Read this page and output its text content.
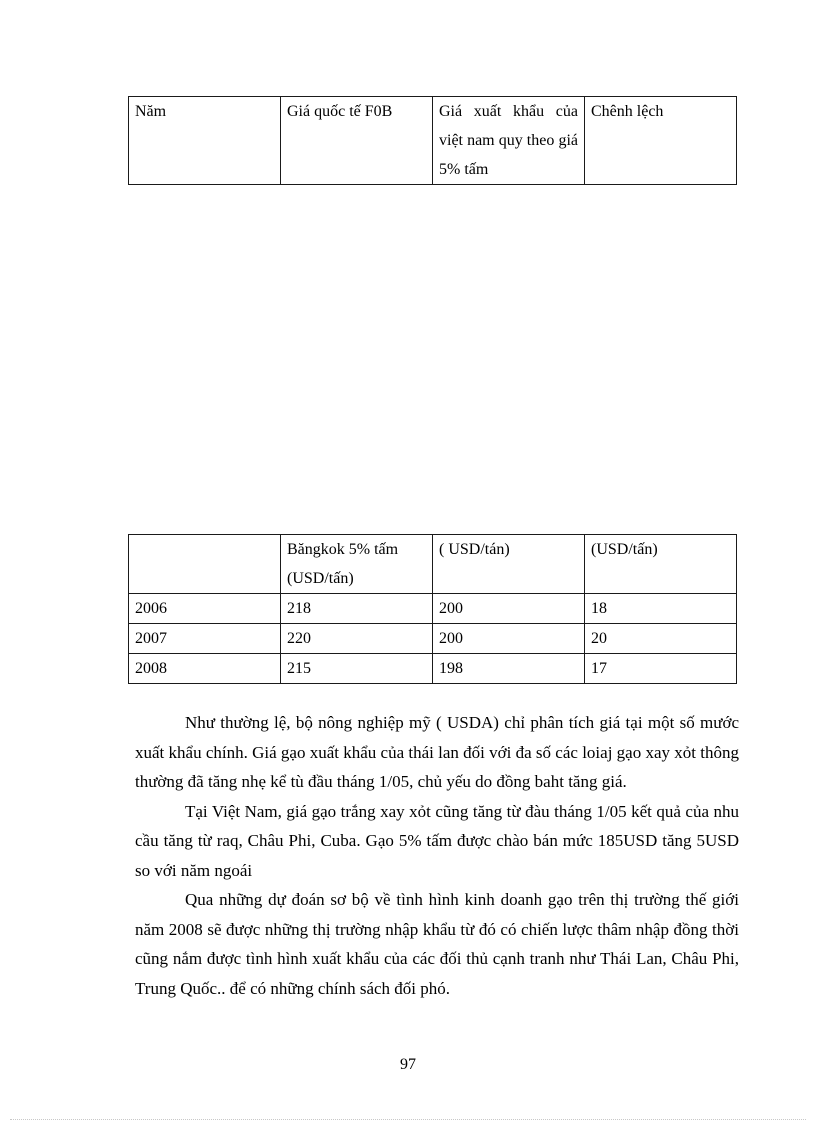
Năm	Giá quốc tế F0B	Giá xuất khẩu của việt nam quy theo giá 5% tấm	Chênh lệch
	Băngkok 5% tấm (USD/tấn)	( USD/tán)	(USD/tấn)
2006	218	200	18
2007	220	200	20
2008	215	198	17

Như thường lệ, bộ nông nghiệp mỹ ( USDA) chỉ phân tích giá tại một số mước xuất khẩu chính. Giá gạo xuất khẩu của thái lan đối với đa số các loiaj gạo xay xỏt thông thường đã tăng nhẹ kể tù đầu tháng 1/05, chủ yếu do đồng baht tăng giá.

Tại Việt Nam, giá gạo trắng xay xỏt cũng tăng từ đàu tháng 1/05 kết quả của nhu cầu tăng từ raq, Châu Phi, Cuba. Gạo 5% tấm được chào bán mức 185USD tăng 5USD so với năm ngoái

Qua những dự đoán sơ bộ về tình hình kinh doanh gạo trên thị trường thế giới năm 2008 sẽ được những thị trường nhập khẩu từ đó có chiến lược thâm nhập đồng thời cũng nắm được tình hình xuất khẩu của các đối thủ cạnh tranh như Thái Lan, Châu Phi, Trung Quốc.. để có những chính sách đối phó.

97
